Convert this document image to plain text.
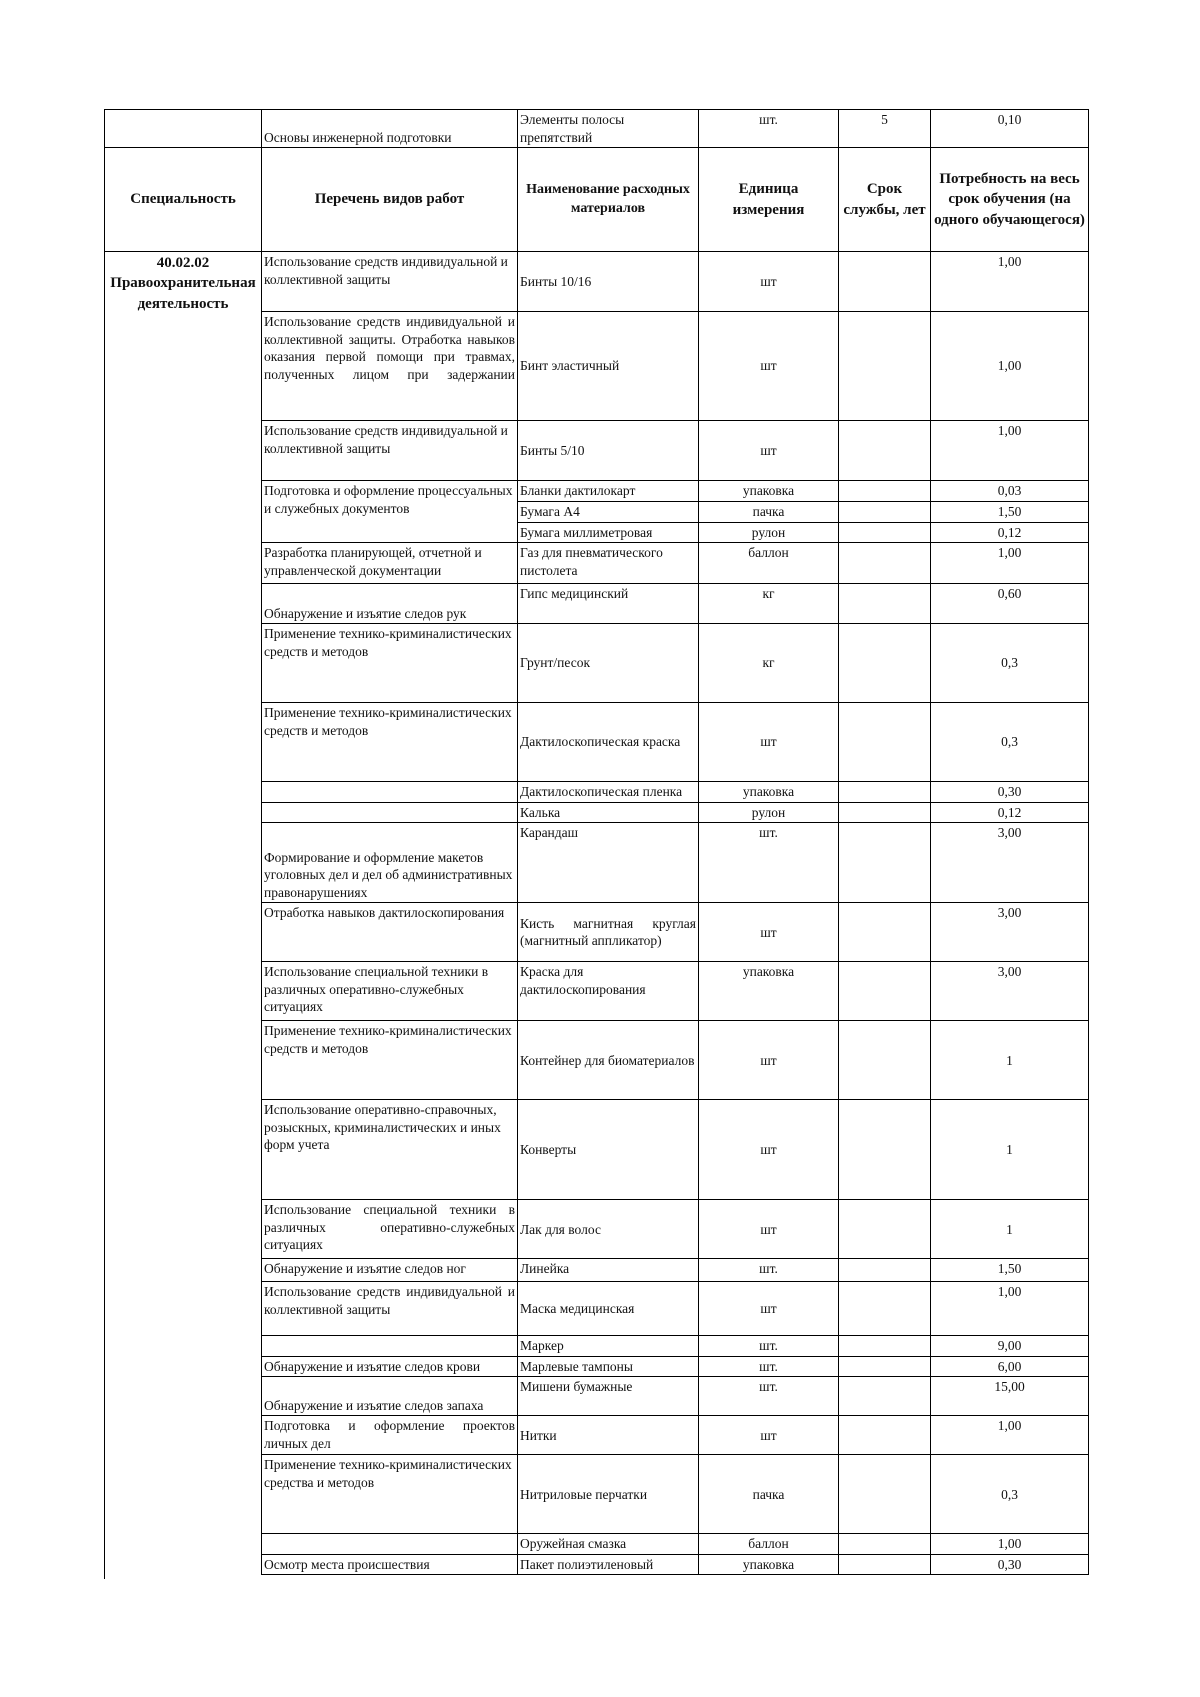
	Основы инженерной подготовки	Элементы полосы препятствий	шт.	5	0,10
Специальность	Перечень видов работ	Наименование расходных материалов	Единица измерения	Срок службы, лет	Потребность на весь срок обучения (на одного обучающегося)
40.02.02 Правоохранительная деятельность	Использование средств индивидуальной и коллективной защиты	Бинты 10/16	шт		1,00
	Использование средств индивидуальной и коллективной защиты. Отработка навыков оказания первой помощи при травмах, полученных лицом при задержании	Бинт эластичный	шт		1,00
	Использование средств индивидуальной и коллективной защиты	Бинты 5/10	шт		1,00
	Подготовка и оформление процессуальных и служебных документов	Бланки дактилокарт	упаковка		0,03
		Бумага А4	пачка		1,50
		Бумага миллиметровая	рулон		0,12
	Разработка планирующей, отчетной и управленческой документации	Газ для пневматического пистолета	баллон		1,00
	Обнаружение и изъятие следов рук	Гипс медицинский	кг		0,60
	Применение технико-криминалистических средств и методов	Грунт/песок	кг		0,3
	Применение технико-криминалистических средств и методов	Дактилоскопическая краска	шт		0,3
		Дактилоскопическая пленка	упаковка		0,30
		Калька	рулон		0,12
	Формирование и оформление макетов уголовных дел и дел об административных правонарушениях	Карандаш	шт.		3,00
	Отработка навыков дактилоскопирования	Кисть магнитная круглая (магнитный аппликатор)	шт		3,00
	Использование специальной техники в различных оперативно-служебных ситуациях	Краска для дактилоскопирования	упаковка		3,00
	Применение технико-криминалистических средств и методов	Контейнер для биоматериалов	шт		1
	Использование оперативно-справочных, розыскных, криминалистических и иных форм учета	Конверты	шт		1
	Использование специальной техники в различных оперативно-служебных ситуациях	Лак для волос	шт		1
	Обнаружение и изъятие следов ног	Линейка	шт.		1,50
	Использование средств индивидуальной и коллективной защиты	Маска медицинская	шт		1,00
		Маркер	шт.		9,00
	Обнаружение и изъятие следов крови	Марлевые тампоны	шт.		6,00
	Обнаружение и изъятие следов запаха	Мишени бумажные	шт.		15,00
	Подготовка и оформление проектов личных дел	Нитки	шт		1,00
	Применение технико-криминалистических средства и методов	Нитриловые перчатки	пачка		0,3
		Оружейная смазка	баллон		1,00
	Осмотр места происшествия	Пакет полиэтиленовый	упаковка		0,30
